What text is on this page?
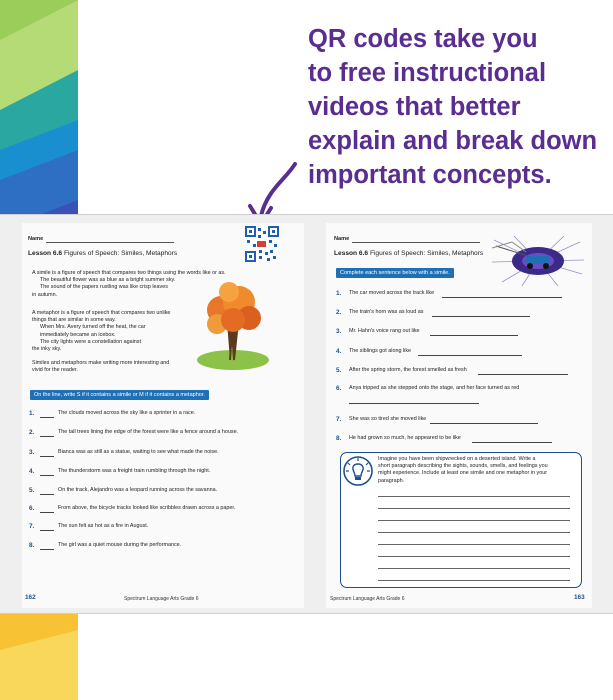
QR codes take you
to free instructional
videos that better
explain and break down
important concepts.
Name
Lesson 6.6 Figures of Speech: Similes, Metaphors
A simile is a figure of speech that compares two things using the words like or as.
The beautiful flower was as blue as a bright summer sky.
The sound of the papers rustling was like crisp leaves
in autumn.
A metaphor is a figure of speech that compares two unlike
things that are similar in some way.
When Mrs. Avery turned off the heat, the car
immediately became an icebox.
The city lights were a constellation against
the inky sky.
Similes and metaphors make writing more interesting and
vivid for the reader.
On the line, write S if it contains a simile or M if it contains a metaphor.
1.	The clouds moved across the sky like a sprinter in a race.
2.	The tall trees lining the edge of the forest were like a fence around a house.
3.	Bianca was as still as a statue, waiting to see what made the noise.
4.	The thunderstorm was a freight train rumbling through the night.
5.	On the track, Alejandro was a leopard running across the savanna.
6.	From above, the bicycle tracks looked like scribbles drawn across a paper.
7.	The sun felt as hot as a fire in August.
8.	The girl was a quiet mouse during the performance.
162	Spectrum Language Arts Grade 6
Name
Lesson 6.6 Figures of Speech: Similes, Metaphors
Complete each sentence below with a simile.
1. The car moved across the track like
2. The train's horn was as loud as
3. Mr. Hahn's voice rang out like
4. The siblings got along like
5. After the spring storm, the forest smelled as fresh
6. Anya tripped as she stepped onto the stage, and her face turned as red
7. She was so tired she moved like
8. He had grown so much, he appeared to be like
Imagine you have been shipwrecked on a deserted island. Write a
short paragraph describing the sights, sounds, smells, and feelings you
might experience. Include at least one simile and one metaphor in your
paragraph.
Spectrum Language Arts Grade 6	163
